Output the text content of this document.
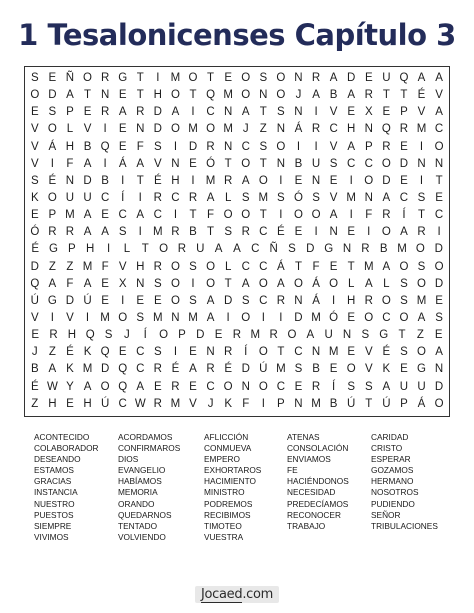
1 Tesalonicenses Capítulo 3
S E Ñ O R G T	I M O T E O S O N R A D E U Q A A
O D A T N E T H O T Q M O N O J A B A R T T É V
E S P E R A R D A	I	C N A T S N	I	V E X E P V A
V O L V	I	E N D O M O M J Z N Á R C H N Q R M C
V Á H B Q E F S	I	D R N C S O	I	I	V A P R E	I	O
V	I	F A	I	Á A V N E Ó T O T N B U S C C O D N N
S É N D B	I	T É H	I M R A O	I	E N E	I	O D E	I	T
K O U U C	Í	I	R C R A L S M S Ó S V M N A C S E
E P M A E C A C	I	T F O O T	I	O O A	I	F R	Í	T C
Ó R R A A S	I M R B T S R C É E	I	N E	I	O A R	I
É G P H	I	L	T O R U A A C Ñ S D G N R B M O D
D Z Z M F V H R O S O L C C Á T F E T M A O S O
Q A F A E X N S O	I	O T A O A O Á O L A L S O D
Ú G D Ú E	I	E E O S A D S C R N Á	I	H R O S M E
V	I	V	I M O S M N M A	I	O	I	I	D M Ó E O C O A S
E R H Q S	J	Í	O P D E R M R O A U N S G T Z E
J Z É K Q E C S	I	E N R	Í	O T C N M E V É S O A
B A K M D Q C R É A R É D Ú M S B E O V K E G N
É W Y A O Q A E R E C O N O C E R	Í	S S A U U D
Z H E H Ú C W R M V J K F	I	P N M B Ú T Ú P Á O
ACONTECIDO
COLABORADOR
DESEANDO
ESTAMOS
GRACIAS
INSTANCIA
NUESTRO
PUESTOS
SIEMPRE
VIVIMOS
ACORDAMOS
CONFIRMAROS
DIOS
EVANGELIO
HABÍAMOS
MEMORIA
ORANDO
QUEDARNOS
TENTADO
VOLVIENDO
AFLICCIÓN
CONMUEVA
EMPERO
EXHORTAROS
HACIMIENTO
MINISTRO
PODREMOS
RECIBIMOS
TIMOTEO
VUESTRA
ATENAS
CONSOLACIÓN
ENVIAMOS
FE
HACIÉNDONOS
NECESIDAD
PREDECÍAMOS
RECONOCER
TRABAJO
CARIDAD
CRISTO
ESPERAR
GOZAMOS
HERMANO
NOSOTROS
PUDIENDO
SEÑOR
TRIBULACIONES
Jocaed.com
